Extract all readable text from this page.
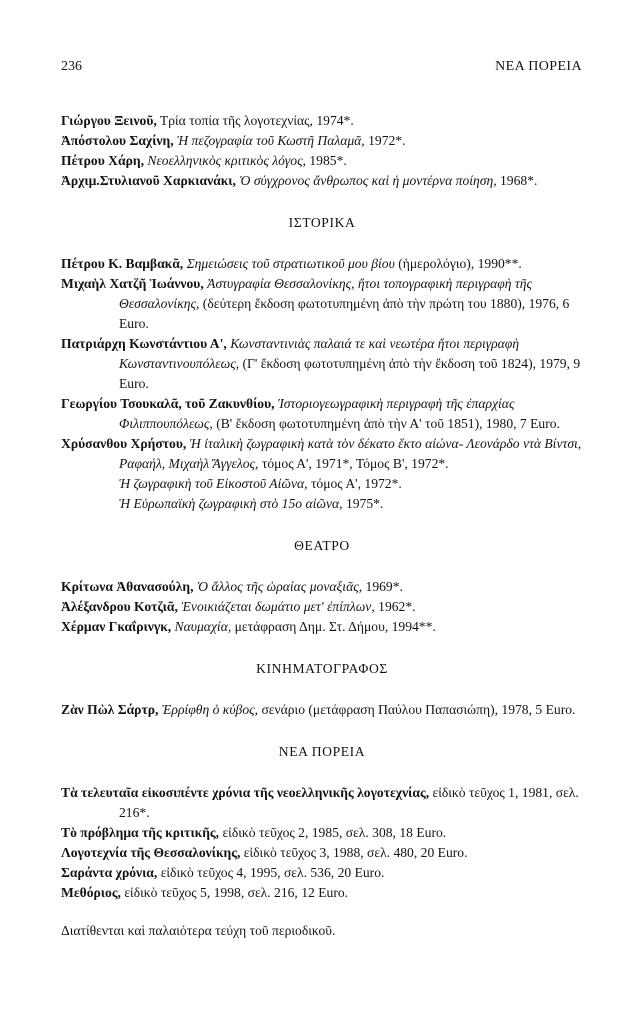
236	ΝΕΑ ΠΟΡΕΙΑ

Γιώργου Ξεινοῦ, Τρία τοπία τῆς λογοτεχνίας, 1974*.

Ἀπόστολου Σαχίνη, Ἡ πεζογραφία τοῦ Κωστῆ Παλαμᾶ, 1972*.

Πέτρου Χάρη, Νεοελληνικὸς κριτικὸς λόγος, 1985*.

Ἀρχιμ.Στυλιανοῦ Χαρκιανάκι, Ὁ σύγχρονος ἄνθρωπος καὶ ἡ μοντέρνα ποίηση, 1968*.

ΙΣΤΟΡΙΚΑ

Πέτρου Κ. Βαμβακᾶ, Σημειώσεις τοῦ στρατιωτικοῦ μου βίου (ἡμερολόγιο), 1990**.

Μιχαὴλ Χατζῆ Ἰωάννου, Ἀστυγραφία Θεσσαλονίκης, ἤτοι τοπογραφικὴ περιγραφὴ τῆς Θεσσαλονίκης, (δεύτερη ἔκδοση φωτοτυπημένη ἀπὸ τὴν πρώτη του 1880), 1976, 6 Euro.

Πατριάρχη Κωνστάντιου Α', Κωνσταντινιὰς παλαιά τε καὶ νεωτέρα ἤτοι περιγραφὴ Κωνσταντινουπόλεως, (Γ' ἔκδοση φωτοτυπημένη ἀπὸ τὴν ἔκδοση τοῦ 1824), 1979, 9 Euro.

Γεωργίου Τσουκαλᾶ, τοῦ Ζακυνθίου, Ἱστοριογεωγραφικὴ περιγραφὴ τῆς ἐπαρχίας Φιλιππουπόλεως, (Β' ἔκδοση φωτοτυπημένη ἀπὸ τὴν Α' τοῦ 1851), 1980, 7 Euro.

Χρύσανθου Χρήστου, Ἡ ἰταλικὴ ζωγραφικὴ κατὰ τὸν δέκατο ἕκτο αἰώνα- Λεονάρδο ντὰ Βίντσι, Ραφαήλ, Μιχαὴλ Ἄγγελος, τόμος Α', 1971*, Τόμος Β', 1972*.

Ἡ ζωγραφικὴ τοῦ Εἰκοστοῦ Αἰῶνα, τόμος Α', 1972*.

Ἡ Εὐρωπαϊκὴ ζωγραφικὴ στὸ 15ο αἰῶνα, 1975*.

ΘΕΑΤΡΟ

Κρίτωνα Ἀθανασούλη, Ὁ ἄλλος τῆς ὡραίας μοναξιᾶς, 1969*.

Ἀλέξανδρου Κοτζιᾶ, Ἐνοικιάζεται δωμάτιο μετ' ἐπίπλων, 1962*.

Χέρμαν Γκαΐρινγκ, Ναυμαχία, μετάφραση Δημ. Στ. Δήμου, 1994**.

ΚΙΝΗΜΑΤΟΓΡΑΦΟΣ

Ζὰν Πὼλ Σάρτρ, Ἐρρίφθη ὁ κύβος, σενάριο (μετάφραση Παύλου Παπασιώπη), 1978, 5 Euro.

ΝΕΑ ΠΟΡΕΙΑ

Τὰ τελευταῖα εἰκοσιπέντε χρόνια τῆς νεοελληνικῆς λογοτεχνίας, εἰδικὸ τεῦχος 1, 1981, σελ. 216*.

Τὸ πρόβλημα τῆς κριτικῆς, εἰδικὸ τεῦχος 2, 1985, σελ. 308, 18 Euro.

Λογοτεχνία τῆς Θεσσαλονίκης, εἰδικὸ τεῦχος 3, 1988, σελ. 480, 20 Euro.

Σαράντα χρόνια, εἰδικὸ τεῦχος 4, 1995, σελ. 536, 20 Euro.

Μεθόριος, εἰδικὸ τεῦχος 5, 1998, σελ. 216, 12 Euro.

Διατίθενται καὶ παλαιότερα τεύχη τοῦ περιοδικοῦ.
